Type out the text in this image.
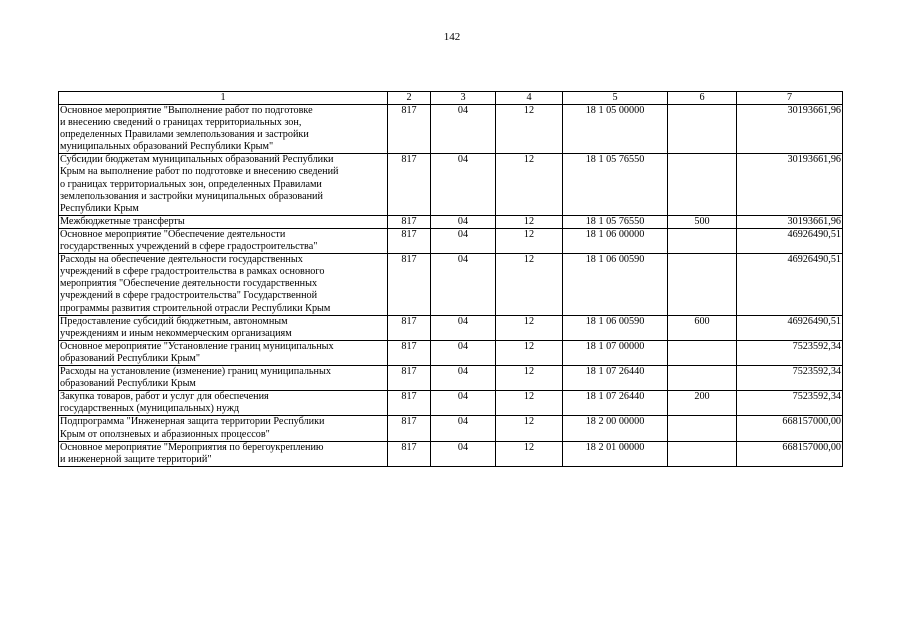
142
1	2	3	4	5	6	7
Основное мероприятие "Выполнение работ по подготовке
и внесению сведений о границах территориальных зон,
определенных Правилами землепользования и застройки
муниципальных образований Республики Крым"	817	04	12	18 1 05 00000		30193661,96
Субсидии бюджетам муниципальных образований Республики
Крым на выполнение работ по подготовке и внесению сведений
о границах территориальных зон, определенных Правилами
землепользования и застройки муниципальных образований
Республики Крым	817	04	12	18 1 05 76550		30193661,96
Межбюджетные трансферты	817	04	12	18 1 05 76550	500	30193661,96
Основное мероприятие "Обеспечение деятельности
государственных учреждений в сфере градостроительства"	817	04	12	18 1 06 00000		46926490,51
Расходы на обеспечение деятельности государственных
учреждений в сфере градостроительства в рамках основного
мероприятия "Обеспечение деятельности государственных
учреждений в сфере градостроительства" Государственной
программы развития строительной отрасли Республики Крым	817	04	12	18 1 06 00590		46926490,51
Предоставление субсидий бюджетным, автономным
учреждениям и иным некоммерческим организациям	817	04	12	18 1 06 00590	600	46926490,51
Основное мероприятие "Установление границ муниципальных
образований Республики Крым"	817	04	12	18 1 07 00000		7523592,34
Расходы на установление (изменение) границ муниципальных
образований Республики Крым	817	04	12	18 1 07 26440		7523592,34
Закупка товаров, работ и услуг для обеспечения
государственных (муниципальных) нужд	817	04	12	18 1 07 26440	200	7523592,34
Подпрограмма "Инженерная защита территории Республики
Крым от оползневых и абразионных процессов"	817	04	12	18 2 00 00000		668157000,00
Основное мероприятие "Мероприятия по берегоукреплению
и инженерной защите территорий"	817	04	12	18 2 01 00000		668157000,00
